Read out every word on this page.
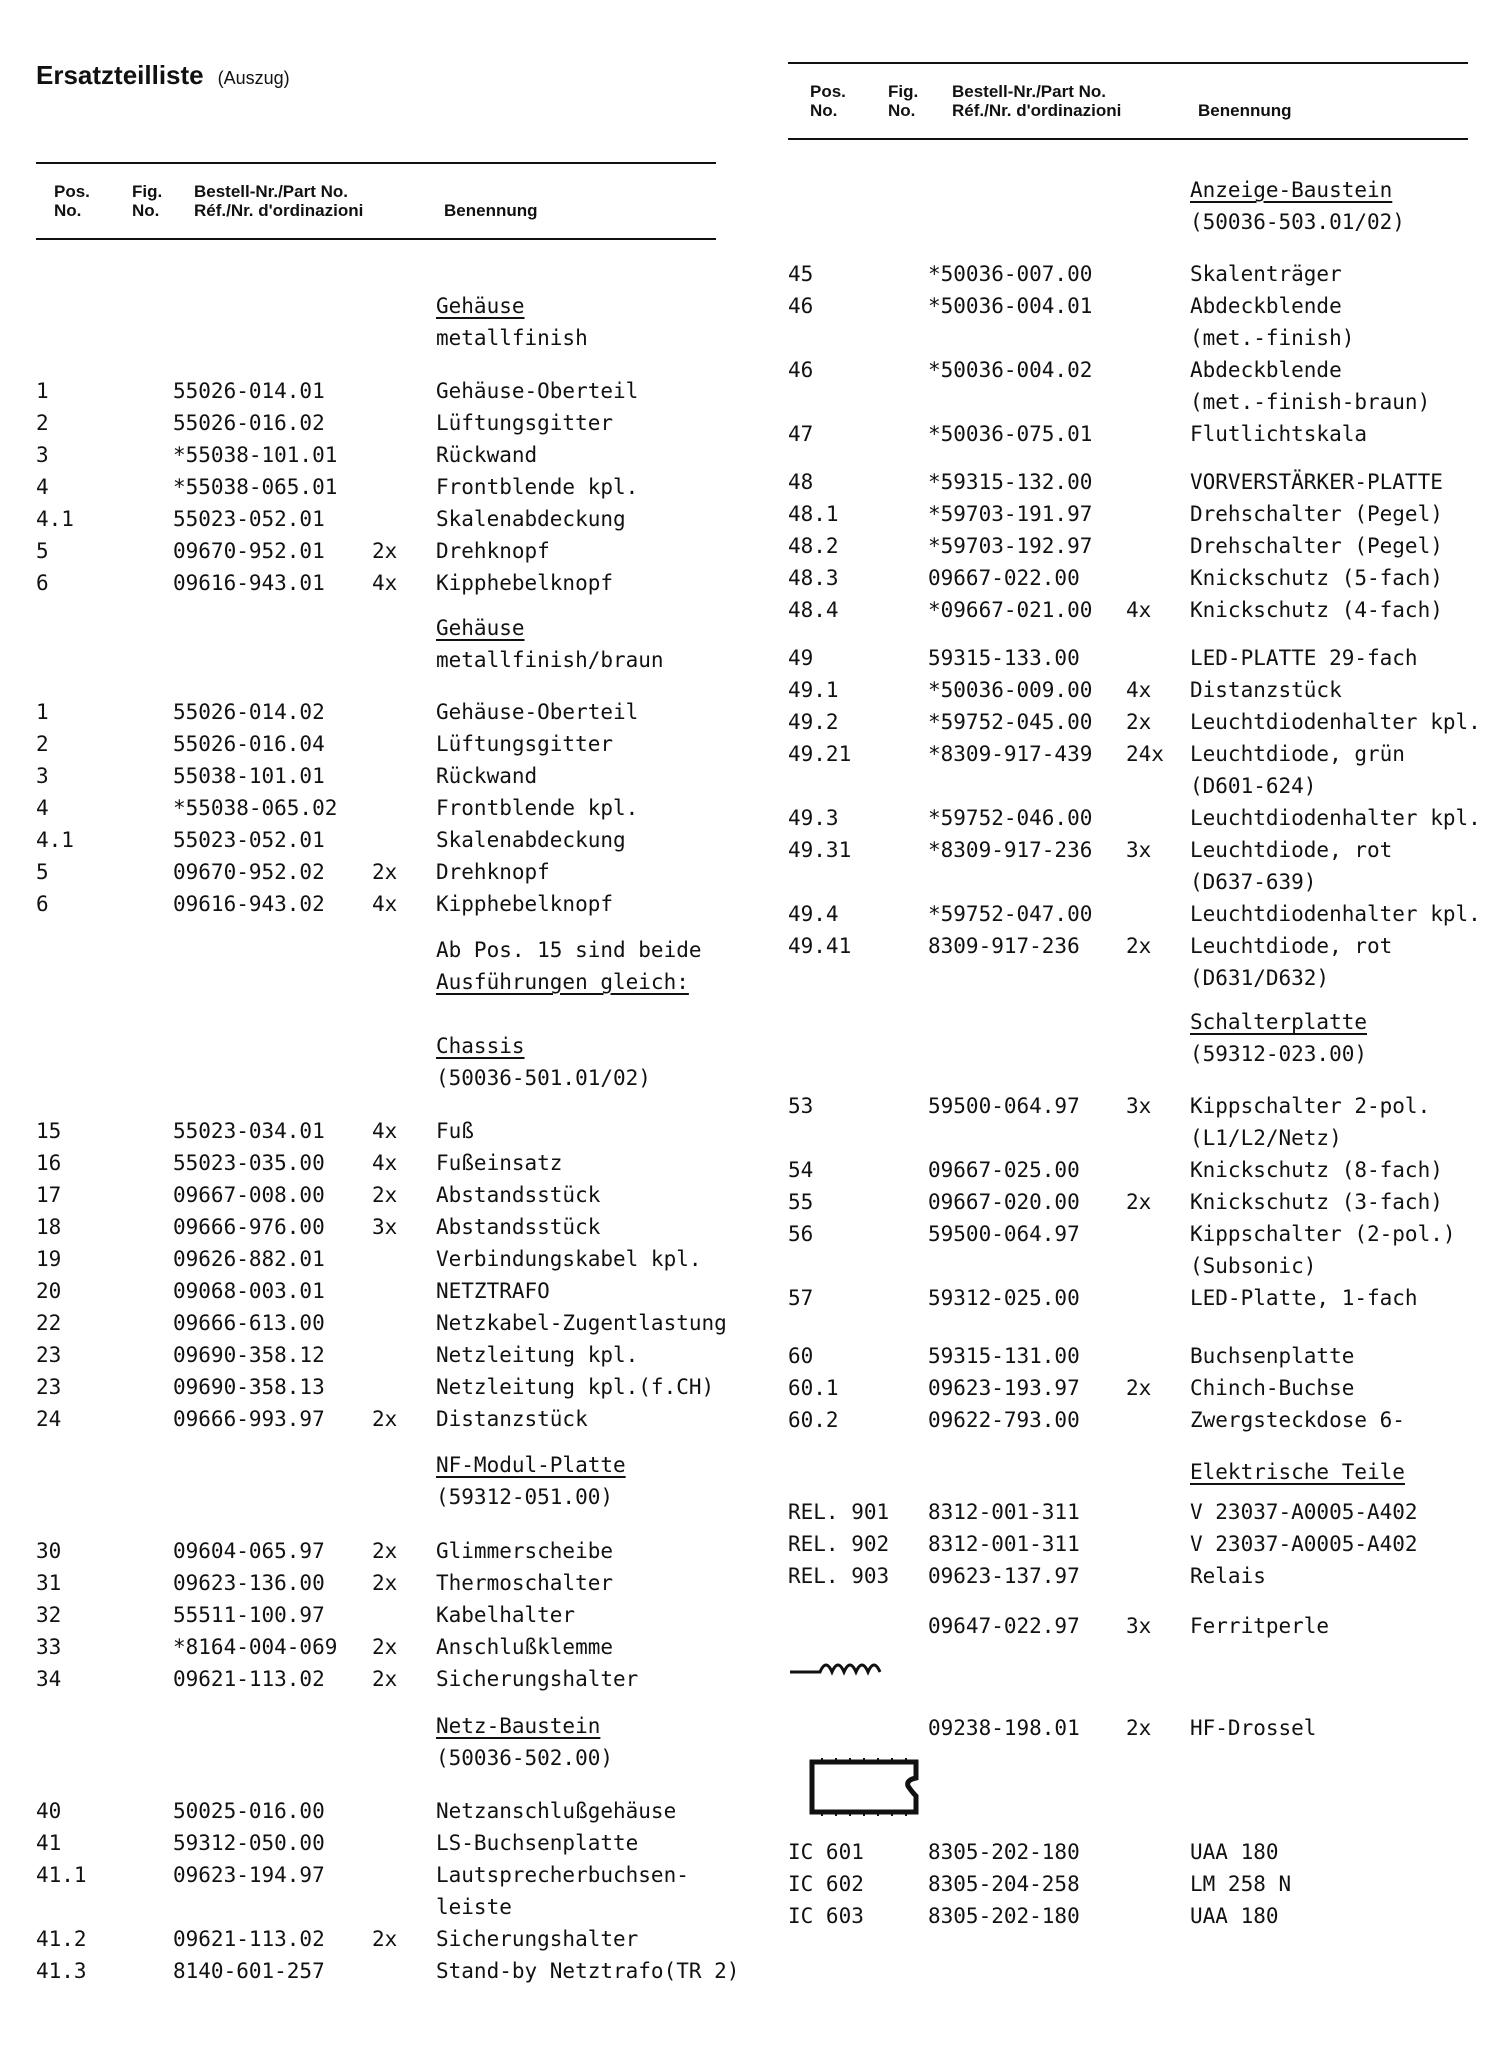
Ersatzteilliste (Auszug)
Pos.
No.
Fig.
No.
Bestell-Nr./Part No.
Réf./Nr. d'ordinazioni	Benennung
Gehäuse
metallfinish
1	55026-014.01	Gehäuse-Oberteil
2	55026-016.02	Lüftungsgitter
3	*55038-101.01	Rückwand
4	*55038-065.01	Frontblende kpl.
4.1	55023-052.01	Skalenabdeckung
5	09670-952.01 2x Drehknopf
6	09616-943.01 4x Kipphebelknopf
Gehäuse
metallfinish/braun
1	55026-014.02	Gehäuse-Oberteil
2	55026-016.04	Lüftungsgitter
3	55038-101.01	Rückwand
4	*55038-065.02	Frontblende kpl.
4.1	55023-052.01	Skalenabdeckung
5	09670-952.02 2x Drehknopf
6	09616-943.02 4x Kipphebelknopf
Ab Pos. 15 sind beide
Ausführungen gleich:
Chassis
(50036-501.01/02)
15	55023-034.01 4x Fuß
16	55023-035.00 4x Fußeinsatz
17	09667-008.00 2x Abstandsstück
18	09666-976.00 3x Abstandsstück
19	09626-882.01	Verbindungskabel kpl.
20	09068-003.01	NETZTRAFO
22	09666-613.00	Netzkabel-Zugentlastung
23	09690-358.12	Netzleitung kpl.
23	09690-358.13	Netzleitung kpl.(f.CH)
24	09666-993.97 2x Distanzstück
NF-Modul-Platte
(59312-051.00)
30	09604-065.97 2x Glimmerscheibe
31	09623-136.00 2x Thermoschalter
32	55511-100.97	Kabelhalter
33	*8164-004-069 2x Anschlußklemme
34	09621-113.02 2x Sicherungshalter
Netz-Baustein
(50036-502.00)
40	50025-016.00	Netzanschlußgehäuse
41	59312-050.00	LS-Buchsenplatte
41.1	09623-194.97	Lautsprecherbuchsen-
leiste
41.2	09621-113.02 2x Sicherungshalter
41.3	8140-601-257	Stand-by Netztrafo(TR 2)
Pos.
No.
Fig.
No.
Bestell-Nr./Part No.
Réf./Nr. d'ordinazioni	Benennung
Anzeige-Baustein
(50036-503.01/02)
45	*50036-007.00	Skalenträger
46	*50036-004.01	Abdeckblende
(met.-finish)
46	*50036-004.02	Abdeckblende
(met.-finish-braun)
47	*50036-075.01	Flutlichtskala
48	*59315-132.00	VORVERSTÄRKER-PLATTE
48.1	*59703-191.97	Drehschalter (Pegel)
48.2	*59703-192.97	Drehschalter (Pegel)
48.3	09667-022.00	Knickschutz (5-fach)
48.4	*09667-021.00 4x Knickschutz (4-fach)
49	59315-133.00	LED-PLATTE 29-fach
49.1	*50036-009.00 4x Distanzstück
49.2	*59752-045.00 2x Leuchtdiodenhalter kpl.
49.21	*8309-917-439 24x Leuchtdiode, grün
(D601-624)
49.3	*59752-046.00	Leuchtdiodenhalter kpl.
49.31	*8309-917-236 3x Leuchtdiode, rot
(D637-639)
49.4	*59752-047.00	Leuchtdiodenhalter kpl.
49.41	8309-917-236 2x Leuchtdiode, rot
(D631/D632)
Schalterplatte
(59312-023.00)
53	59500-064.97 3x Kippschalter 2-pol.
(L1/L2/Netz)
54	09667-025.00	Knickschutz (8-fach)
55	09667-020.00 2x Knickschutz (3-fach)
56	59500-064.97	Kippschalter (2-pol.)
(Subsonic)
57	59312-025.00	LED-Platte, 1-fach
60	59315-131.00	Buchsenplatte
60.1	09623-193.97 2x Chinch-Buchse
60.2	09622-793.00	Zwergsteckdose 6-
Elektrische Teile
REL. 901 8312-001-311	V 23037-A0005-A402
REL. 902 8312-001-311	V 23037-A0005-A402
REL. 903 09623-137.97	Relais
09647-022.97 3x Ferritperle
09238-198.01 2x HF-Drossel
IC 601	8305-202-180	UAA 180
IC 602	8305-204-258	LM 258 N
IC 603	8305-202-180	UAA 180
